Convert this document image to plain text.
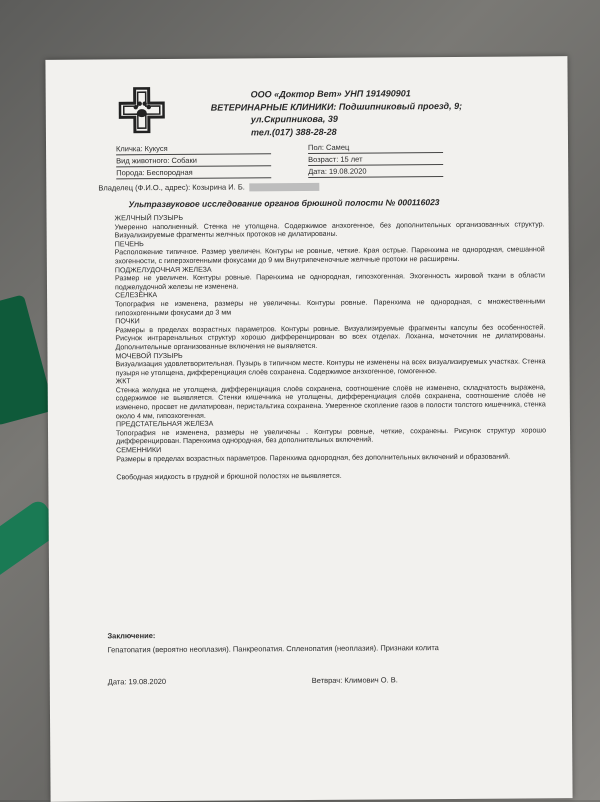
ООО «Доктор Вет» УНП 191490901
ВЕТЕРИНАРНЫЕ КЛИНИКИ: Подшипниковый проезд, 9;
ул.Скрипникова, 39
тел.(017) 388-28-28
Кличка: Кукуся
Вид животного: Собаки
Порода: Беспородная
Пол: Самец
Возраст: 15 лет
Дата: 19.08.2020
Владелец (Ф.И.О., адрес): Козырина И. Б.
Ультразвуковое исследование органов брюшной полости № 000116023
ЖЕЛЧНЫЙ ПУЗЫРЬ
Умеренно наполненный. Стенка не утолщена. Содержимое анэхогенное, без дополнительных организованных структур. Визуализируемые фрагменты желчных протоков не дилатированы.
ПЕЧЕНЬ
Расположение типичное. Размер увеличен. Контуры не ровные, четкие. Края острые. Паренхима не однородная, смешанной эхогенности, с гиперэхогенными фокусами до 9 мм Внутрипеченочные желчные протоки не расширены.
ПОДЖЕЛУДОЧНАЯ ЖЕЛЕЗА
Размер не увеличен. Контуры ровные. Паренхима не однородная, гипоэхогенная. Эхогенность жировой ткани в области поджелудочной железы не изменена.
СЕЛЕЗЁНКА
Топография не изменена, размеры не увеличены. Контуры ровные. Паренхима не однородная, с множественными гипоэхогенными фокусами до 3 мм
ПОЧКИ
Размеры в пределах возрастных параметров. Контуры ровные. Визуализируемые фрагменты капсулы без особенностей. Рисунок интраренальных структур хорошо дифференцирован во всех отделах. Лоханка, мочеточник не дилатированы. Дополнительные организованные включения не выявляется.
МОЧЕВОЙ ПУЗЫРЬ
Визуализация удовлетворительная. Пузырь в типичном месте. Контуры не изменены на всех визуализируемых участках. Стенка пузыря не утолщена, дифференциация слоёв сохранена. Содержимое анэхогенное, гомогенное.
ЖКТ
Стенка желудка не утолщена, дифференциация слоёв сохранена, соотношение слоёв не изменено, складчатость выражена, содержимое не выявляется. Стенки кишечника не утолщены, дифференциация слоёв сохранена, соотношение слоёв не изменено, просвет не дилатирован, перистальтика сохранена. Умеренное скопление газов в полости толстого кишечника, стенка около 4 мм, гипоэхогенная.
ПРЕДСТАТЕЛЬНАЯ ЖЕЛЕЗА
Топография не изменена, размеры не увеличены . Контуры ровные, четкие, сохранены. Рисунок структур хорошо дифференцирован. Паренхима однородная, без дополнительных включений.
СЕМЕННИКИ
Размеры в пределах возрастных параметров. Паренхима однородная, без дополнительных включений и образований.
Свободная жидкость в грудной и брюшной полостях не выявляется.
Заключение:
Гепатопатия (вероятно неоплазия). Панкреопатия. Спленопатия (неоплазия). Признаки колита
Дата: 19.08.2020	Ветврач: Климович О. В.
